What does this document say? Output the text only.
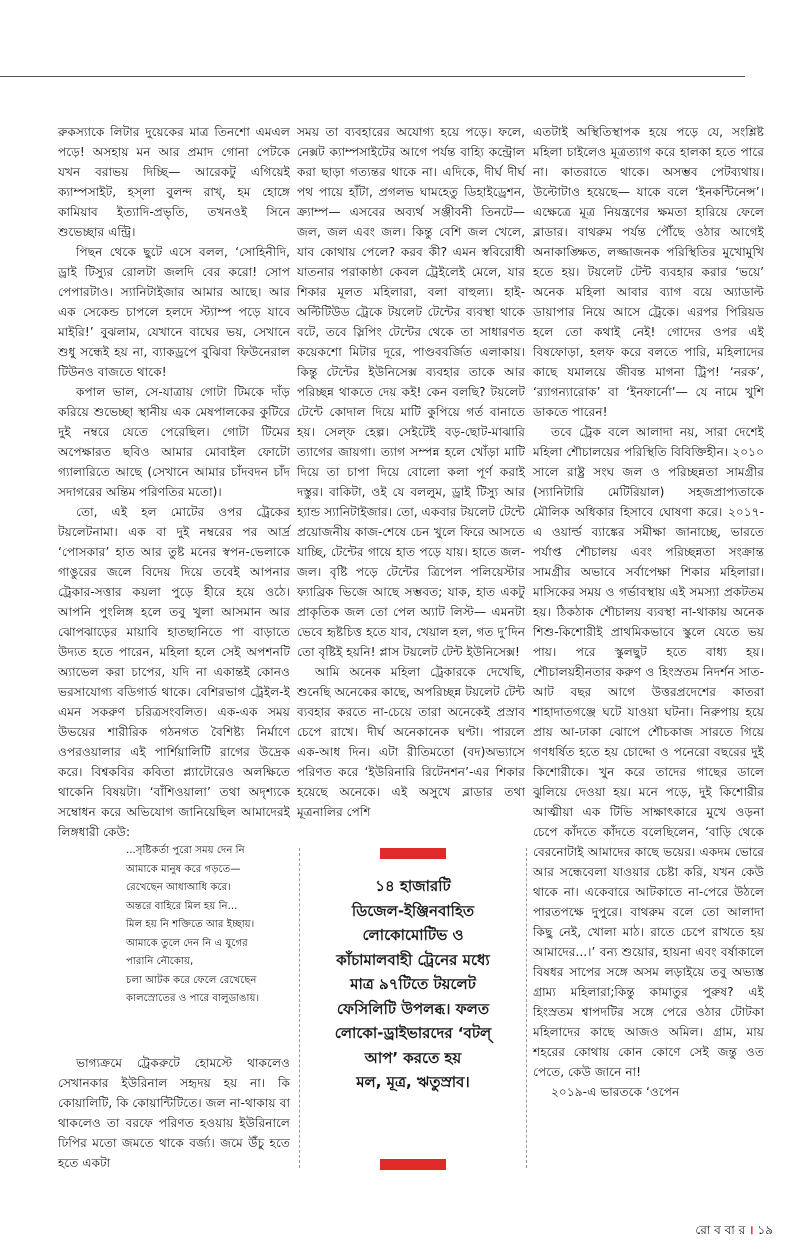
রুকস্যাকে লিটার দুয়েকের মাত্র তিনশো এমএল পড়ে! অসহায় মন আর প্রমাদ গোনা পেটকে যখন বরাভয় দিচ্ছি— আরেকটু এগিয়েই ক্যাম্পসাইট, হস্‌লা বুলন্দ রাখ্‌, হম হোঙ্গে কামিয়াব ইত্যাদি-প্রভৃতি, তখনওই সিনে শুভেচ্ছার এন্ট্রি।

পিছন থেকে ছুটে এসে বলল, ‘সোহিনীদি, ড্রাই টিস্যুর রোলটা জলদি বের করো! সোপ পেপারটাও। স্যানিটাইজার আমার আছে। আর এক সেকেন্ড চাপলে হলদে স্ট্যাম্প পড়ে যাবে মাইরি!’ বুঝলাম, যেখানে বাঘের ভয়, সেখানে শুধু সন্ধেই হয় না, ব্যাকড্রপে বুঝিবা ফিউনেরাল টিউনও বাজতে থাকে!

কপাল ভাল, সে-যাত্রায় গোটা টিমকে দাঁড় করিয়ে শুভেচ্ছা স্থানীয় এক মেষপালকের কুটিরে দুই নম্বরে যেতে পেরেছিল। গোটা টিমের অপেক্ষারত ছবিও আমার মোবাইল ফোটো গ্যালারিতে আছে (সেখানে আমার চাঁদবদন চাঁদ সদাগরের অন্তিম পরিণতির মতো)।

তো, এই হল মোটের ওপর ট্রেকের টয়লেটনামা। এক বা দুই নম্বরের পর আর্দ্র ‘পোসকার’ হাত আর তুষ্ট মনের স্বপন-ভেলাকে গাঙুরের জলে বিদেয় দিয়ে তবেই আপনার ট্রেকার-সত্তার কয়লা পুড়ে হীরে হয়ে ওঠে। আপনি পুংলিঙ্গ হলে তবু খুলা আসমান আর ঝোপঝাড়ের মায়াবি হাতছানিতে পা বাড়াতে উদ্যত হতে পারেন, মহিলা হলে সেই অপশনটি অ্যাভেল করা চাপের, যদি না একান্তই কোনও ভরসাযোগ্য বডিগার্ড থাকে। বেশিরভাগ ট্রেইল-ই এমন সকরুণ চরিত্রসংবলিত। এক-এক সময় উভয়ের শারীরিক গঠনগত বৈশিষ্ট্য নির্মাণে ওপরওয়ালার এই পার্শিয়ালিটি রাগের উদ্রেক করে। বিশ্বকবির কবিতা প্ল্যাটোরেও অলক্ষিতে থাকেনি বিষয়টা। ‘বাঁশিওয়ালা’ তথা অদৃশ্যকে সম্বোধন করে অভিযোগ জানিয়েছিল আমাদেরই লিঙ্গধারী কেউ:

...সৃষ্টিকর্তা পুরো সময় দেন নি

আমাকে মানুষ করে গড়তে—

রেখেছেন আধাআধি করে।

অন্তরে বাহিরে মিল হয় নি...

মিল হয় নি শক্তিতে আর ইচ্ছায়।

আমাকে তুলে দেন নি এ যুগের

পারানি নৌকোয়,

চলা আটক করে ফেলে রেখেছেন

কালস্রোতের ও পারে বালুডাঙায়।

ভাগ্যক্রমে ট্রেকরুটে হোমস্টে থাকলেও সেখানকার ইউরিনাল সহৃদয় হয় না। কি কোয়ালিটি, কি কোয়ান্টিটিতে। জল না-থাকায় বা থাকলেও তা বরফে পরিণত হওয়ায় ইউরিনালে ঢিপির মতো জমতে থাকে বর্জ্য। জমে উঁচু হতে হতে একটা

সময় তা ব্যবহারের অযোগ্য হয়ে পড়ে। ফলে, নেক্সট ক্যাম্পসাইটের আগে পর্যন্ত বাহ্যি কন্ট্রোল করা ছাড়া গত্যন্তর থাকে না। এদিকে, দীর্ঘ দীর্ঘ পথ পায়ে হাঁটা, প্রগলভ ঘামহেতু ডিহাইড্রেশন, ক্র্যাম্প— এসবের অব্যর্থ সঞ্জীবনী তিনটে— জল, জল এবং জল। কিন্তু বেশি জল খেলে, যাব কোথায় পেলে? করব কী? এমন স্ববিরোধী যাতনার পরাকাষ্ঠা কেবল ট্রেইলেই মেলে, যার শিকার মূলত মহিলারা, বলা বাহুল্য। হাই-অল্টিটিউড ট্রেকে টয়লেট টেন্টের ব্যবস্থা থাকে বটে, তবে স্লিপিং টেন্টের থেকে তা সাধারণত কয়েকশো মিটার দূরে, পাণ্ডববর্জিত এলাকায়। কিন্তু টেন্টের ইউনিসেক্স ব্যবহার তাকে আর পরিচ্ছন্ন থাকতে দেয় কই! কেন বলছি? টয়লেট টেন্টে কোদাল দিয়ে মাটি কুপিয়ে গর্ত বানাতে হয়। সেল্‌ফ হেল্প। সেইটেই বড়-ছোট-মাঝারি ত্যাগের জায়গা। ত্যাগ সম্পন্ন হলে খোঁড়া মাটি দিয়ে তা চাপা দিয়ে বোলো কলা পূর্ণ করাই দস্তুর। বাকিটা, ওই যে বললুম, ড্রাই টিস্যু আর হ্যান্ড স্যানিটাইজার। তো, একবার টয়লেট টেন্টে প্রয়োজনীয় কাজ-শেষে চেন খুলে ফিরে আসতে যাচ্ছি, টেন্টের গায়ে হাত পড়ে যায়। হাতে জল-জল। বৃষ্টি পড়ে টেন্টের ত্রিপেল পলিয়েস্টার ফ্যাব্রিক ভিজে আছে সম্ভবত; যাক, হাত একটু প্রাকৃতিক জল তো পেল অ্যাট লিস্ট— এমনটা ভেবে হৃষ্টচিত্ত হতে যাব, খেয়াল হল, গত দু’দিন তো বৃষ্টিই হয়নি! প্লাস টয়লেট টেন্ট ইউনিসেক্স!

আমি অনেক মহিলা ট্রেকারকে দেখেছি, শুনেছি অনেকের কাছে, অপরিচ্ছন্ন টয়লেট টেন্ট ব্যবহার করতে না-চেয়ে তারা অনেকেই প্রস্রাব চেপে রাখে। দীর্ঘ অনেকানেক ঘণ্টা। পারলে এক-আধ দিন। এটা রীতিমতো (বদ)অভ্যাসে পরিণত করে ‘ইউরিনারি রিটেনশন’-এর শিকার হয়েছে অনেকে। এই অসুখে ব্লাডার তথা মূত্রনালির পেশি

১৪ হাজারটি
ডিজেল-ইঞ্জিনবাহিত
লোকোমোটিভ ও
কাঁচামালবাহী ট্রেনের মধ্যে
মাত্র ৯৭টিতে টয়লেট
ফেসিলিটি উপলব্ধ। ফলত
লোকো-ড্রাইভারদের ‘বটল্‌
আপ’ করতে হয়
মল, মূত্র, ঋতুস্রাব।

এতটাই অস্থিতিস্থাপক হয়ে পড়ে যে, সংশ্লিষ্ট মহিলা চাইলেও মূত্রত্যাগ করে হালকা হতে পারে না। কাতরাতে থাকে। অসম্ভব পেটব্যথায়। উল্টোটাও হয়েছে— যাকে বলে ‘ইনকন্টিনেন্স’। এক্ষেত্রে মূত্র নিয়ন্ত্রণের ক্ষমতা হারিয়ে ফেলে ব্লাডার। বাথরুম পর্যন্ত পৌঁছে ওঠার আগেই অনাকাঙ্ক্ষিত, লজ্জাজনক পরিস্থিতির মুখোমুখি হতে হয়। টয়লেট টেন্ট ব্যবহার করার ‘ভয়ে’ অনেক মহিলা আবার ব্যাগ বয়ে অ্যাডাল্ট ডায়াপার নিয়ে আসে ট্রেকে। এরপর পিরিয়ড হলে তো কথাই নেই! গোদের ওপর এই বিষফোড়া, হলফ করে বলতে পারি, মহিলাদের কাছে যমালয়ে জীবন্ত মাগনা ট্রিপ! ‘নরক’, ‘র‍্যাগন্যারোক’ বা ‘ইনফার্নো’— যে নামে খুশি ডাকতে পারেন!

তবে ট্রেক বলে আলাদা নয়, সারা দেশেই মহিলা শৌচালয়ের পরিস্থিতি বিবিক্তিহীন। ২০১০ সালে রাষ্ট্র সংঘ জল ও পরিচ্ছন্নতা সামগ্রীর (স্যানিটারি মেটিরিয়াল) সহজপ্রাপ্যতাকে মৌলিক অধিকার হিসাবে ঘোষণা করে। ২০১৭-এ ওয়ার্ল্ড ব্যাঙ্কের সমীক্ষা জানাচ্ছে, ভারতে পর্যাপ্ত শৌচালয় এবং পরিচ্ছন্নতা সংক্রান্ত সামগ্রীর অভাবে সর্বাপেক্ষা শিকার মহিলারা। মাসিকের সময় ও গর্ভাবস্থায় এই সমস্যা প্রকটতম হয়। ঠিকঠাক শৌচালয় ব্যবস্থা না-থাকায় অনেক শিশু-কিশোরীই প্রাথমিকভাবে স্কুলে যেতে ভয় পায়। পরে স্কুলছুট হতে বাধ্য হয়। শৌচালয়হীনতার করুণ ও হিংস্রতম নিদর্শন সাত-আট বছর আগে উত্তরপ্রদেশের কাতরা শাহাদাতগঞ্জে ঘটে যাওয়া ঘটনা। নিরুপায় হয়ে প্রায় আ-ঢাকা ঝোপে শৌচকাজ সারতে গিয়ে গণধর্ষিত হতে হয় চোদ্দো ও পনেরো বছরের দুই কিশোরীকে। খুন করে তাদের গাছের ডালে ঝুলিয়ে দেওয়া হয়। মনে পড়ে, দুই কিশোরীর আত্মীয়া এক টিভি সাক্ষাৎকারে মুখে ওড়না চেপে কাঁদতে কাঁদতে বলেছিলেন, ‘বাড়ি থেকে বেরনোটাই আমাদের কাছে ভয়ের। একদম ভোরে আর সন্ধেবেলা যাওয়ার চেষ্টা করি, যখন কেউ থাকে না। একেবারে আটকাতে না-পেরে উঠলে পারতপক্ষে দুপুরে। বাথরুম বলে তো আলাদা কিছু নেই, খোলা মাঠ। রাতে চেপে রাখতে হয় আমাদের...।’ বন্য শুয়োর, হায়না এবং বর্ষাকালে বিষধর সাপের সঙ্গে অসম লড়াইয়ে তবু অভ্যস্ত গ্রাম্য মহিলারা;কিন্তু কামাতুর পুরুষ? এই হিংস্রতম শ্বাপদটির সঙ্গে পেরে ওঠার টোটকা মহিলাদের কাছে আজও অমিল। গ্রাম, মায় শহরের কোথায় কোন কোণে সেই জন্তু ওত পেতে, কেউ জানে না!

২০১৯-এ ভারতকে ‘ওপেন

রো ব বা র । ১৯
